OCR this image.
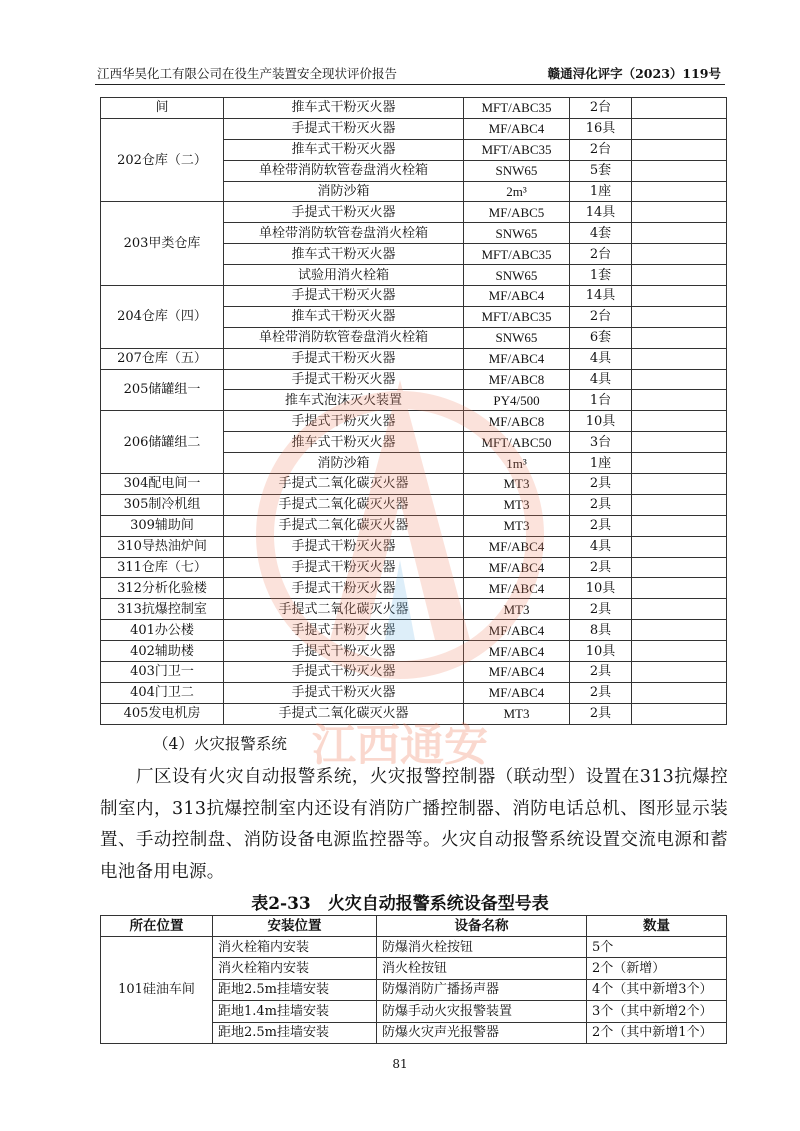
江西华昊化工有限公司在役生产装置安全现状评价报告	赣通浔化评字（2023）119号
间	推车式干粉灭火器	MFT/ABC35	2台	
202仓库（二）	手提式干粉灭火器	MF/ABC4	16具	
	推车式干粉灭火器	MFT/ABC35	2台	
	单栓带消防软管卷盘消火栓箱	SNW65	5套	
	消防沙箱	2m³	1座	
203甲类仓库	手提式干粉灭火器	MF/ABC5	14具	
	单栓带消防软管卷盘消火栓箱	SNW65	4套	
	推车式干粉灭火器	MFT/ABC35	2台	
	试验用消火栓箱	SNW65	1套	
204仓库（四）	手提式干粉灭火器	MF/ABC4	14具	
	推车式干粉灭火器	MFT/ABC35	2台	
	单栓带消防软管卷盘消火栓箱	SNW65	6套	
207仓库（五）	手提式干粉灭火器	MF/ABC4	4具	
205储罐组一	手提式干粉灭火器	MF/ABC8	4具	
	推车式泡沫灭火装置	PY4/500	1台	
206储罐组二	手提式干粉灭火器	MF/ABC8	10具	
	推车式干粉灭火器	MFT/ABC50	3台	
	消防沙箱	1m³	1座	
304配电间一	手提式二氧化碳灭火器	MT3	2具	
305制冷机组	手提式二氧化碳灭火器	MT3	2具	
309辅助间	手提式二氧化碳灭火器	MT3	2具	
310导热油炉间	手提式干粉灭火器	MF/ABC4	4具	
311仓库（七）	手提式干粉灭火器	MF/ABC4	2具	
312分析化验楼	手提式干粉灭火器	MF/ABC4	10具	
313抗爆控制室	手提式二氧化碳灭火器	MT3	2具	
401办公楼	手提式干粉灭火器	MF/ABC4	8具	
402辅助楼	手提式干粉灭火器	MF/ABC4	10具	
403门卫一	手提式干粉灭火器	MF/ABC4	2具	
404门卫二	手提式干粉灭火器	MF/ABC4	2具	
405发电机房	手提式二氧化碳灭火器	MT3	2具	
（4）火灾报警系统
厂区设有火灾自动报警系统，火灾报警控制器（联动型）设置在313抗爆控制室内，313抗爆控制室内还设有消防广播控制器、消防电话总机、图形显示装置、手动控制盘、消防设备电源监控器等。火灾自动报警系统设置交流电源和蓄电池备用电源。
表2-33　火灾自动报警系统设备型号表
所在位置	安装位置	设备名称	数量
101硅油车间	消火栓箱内安装	防爆消火栓按钮	5个
	消火栓箱内安装	消火栓按钮	2个（新增）
	距地2.5m挂墙安装	防爆消防广播扬声器	4个（其中新增3个）
	距地1.4m挂墙安装	防爆手动火灾报警装置	3个（其中新增2个）
	距地2.5m挂墙安装	防爆火灾声光报警器	2个（其中新增1个）
81
江西通安
